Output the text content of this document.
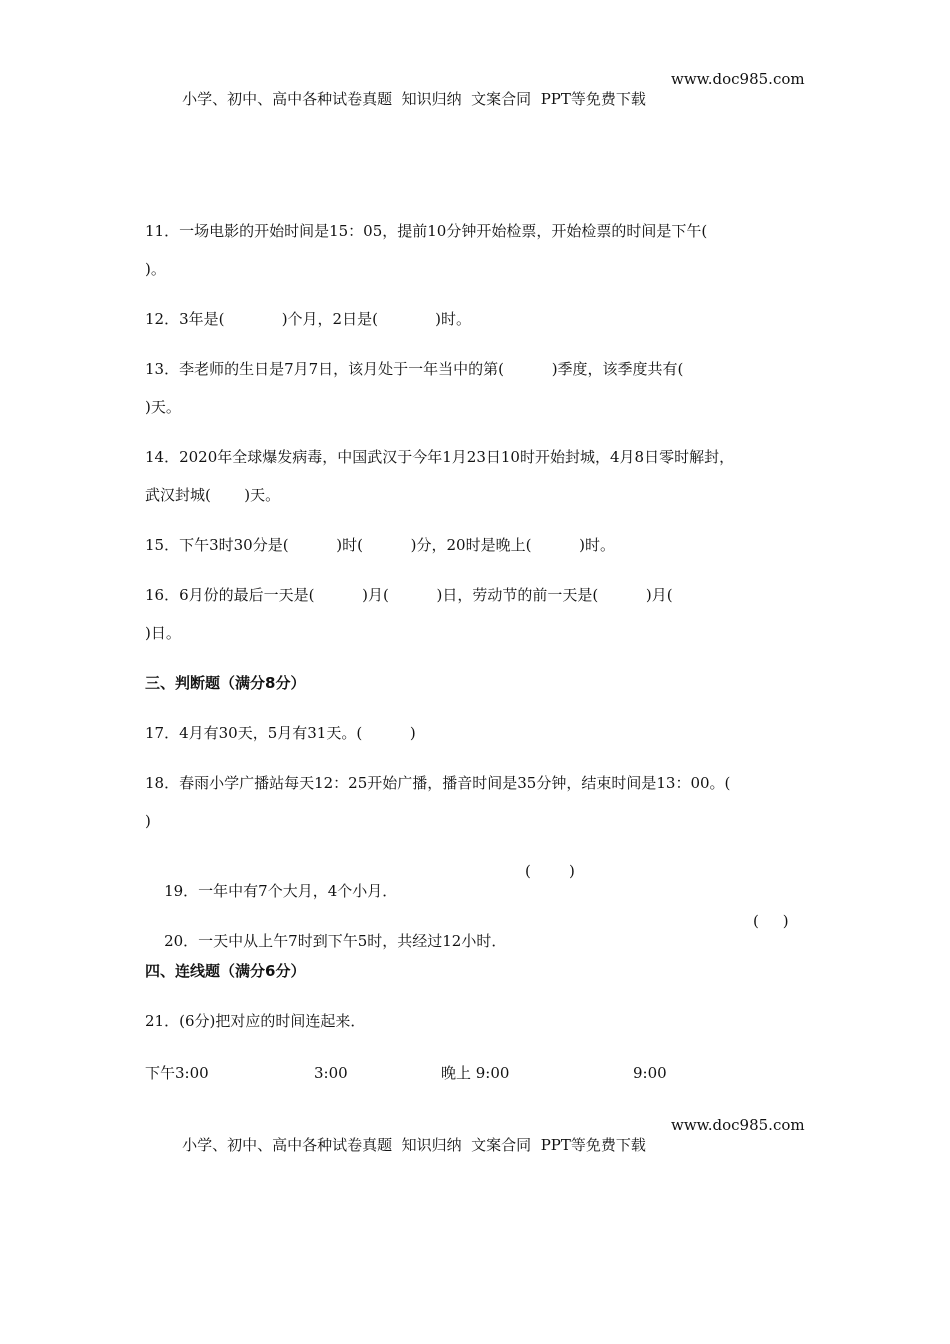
小学、初中、高中各种试卷真题  知识归纳  文案合同  PPT等免费下载

www.doc985.com

11．一场电影的开始时间是15：05，提前10分钟开始检票，开始检票的时间是下午(
)。
12．3年是(            )个月，2日是(            )时。
13．李老师的生日是7月7日，该月处于一年当中的第(          )季度，该季度共有(
)天。
14．2020年全球爆发病毒，中国武汉于今年1月23日10时开始封城，4月8日零时解封，
武汉封城(       )天。
15．下午3时30分是(          )时(          )分，20时是晚上(          )时。
16．6月份的最后一天是(          )月(          )日，劳动节的前一天是(          )月(
)日。
三、判断题（满分8分）
17．4月有30天，5月有31天。(          )
18．春雨小学广播站每天12：25开始广播，播音时间是35分钟，结束时间是13：00。(
)

19．一年中有7个大月，4个小月．

(        )

20．一天中从上午7时到下午5时，共经过12小时．

(     )

四、连线题（满分6分）
21．(6分)把对应的时间连起来．

下午3:00

	3:00

	晚上 9:00

	9:00

小学、初中、高中各种试卷真题  知识归纳  文案合同  PPT等免费下载

www.doc985.com
